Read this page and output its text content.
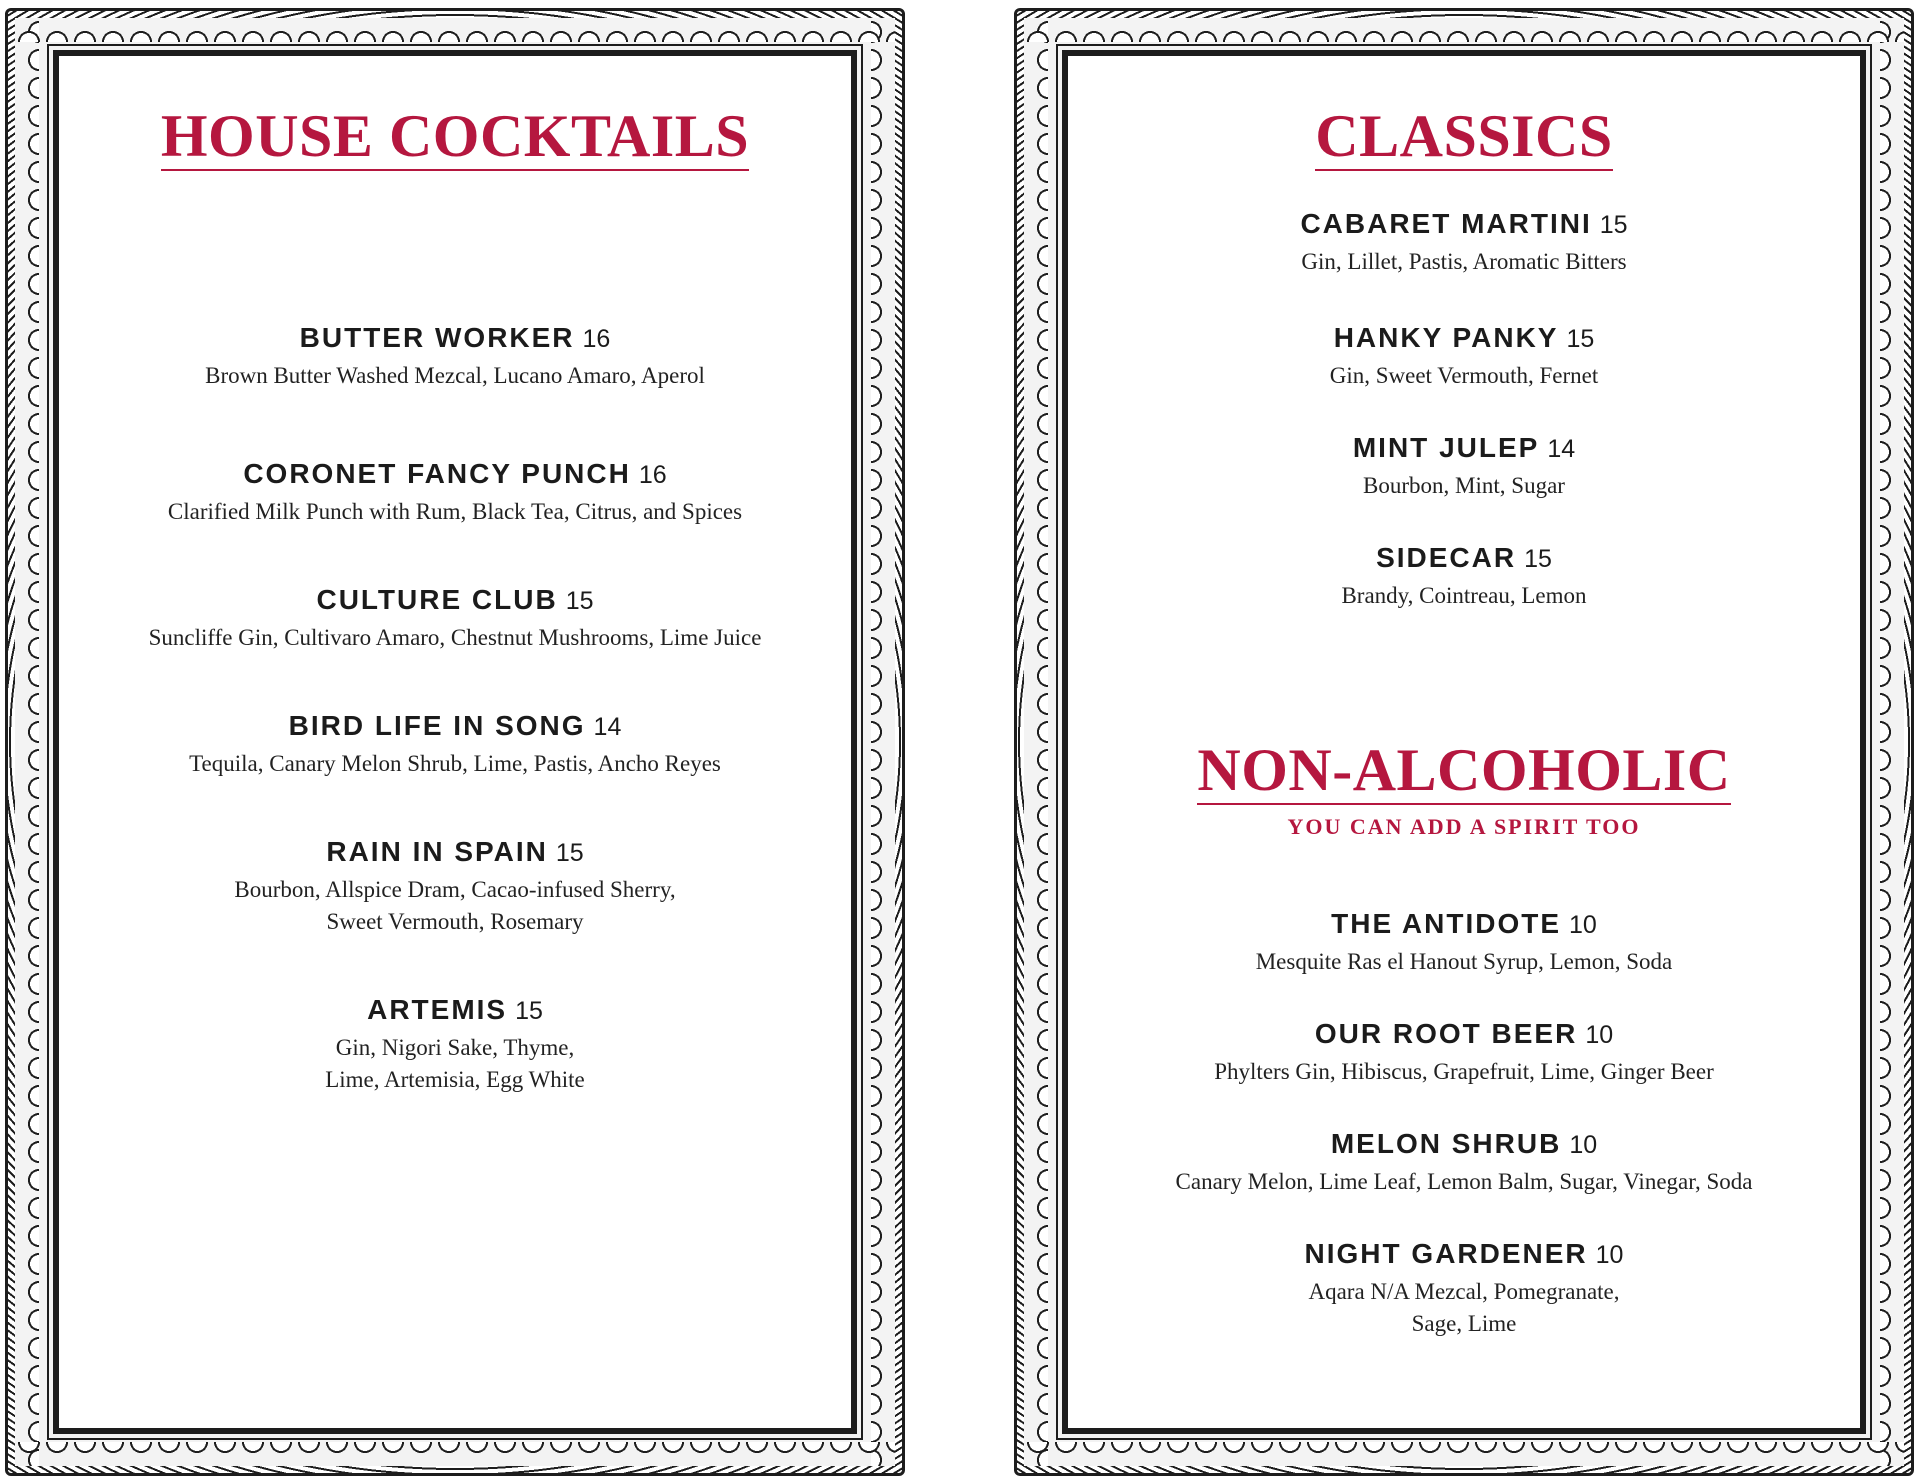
HOUSE COCKTAILS
BUTTER WORKER 16
Brown Butter Washed Mezcal, Lucano Amaro, Aperol
CORONET FANCY PUNCH 16
Clarified Milk Punch with Rum, Black Tea, Citrus, and Spices
CULTURE CLUB 15
Suncliffe Gin, Cultivaro Amaro, Chestnut Mushrooms, Lime Juice
BIRD LIFE IN SONG 14
Tequila, Canary Melon Shrub, Lime, Pastis, Ancho Reyes
RAIN IN SPAIN 15
Bourbon, Allspice Dram, Cacao-infused Sherry,
Sweet Vermouth, Rosemary
ARTEMIS 15
Gin, Nigori Sake, Thyme,
Lime, Artemisia, Egg White
CLASSICS
CABARET MARTINI 15
Gin, Lillet, Pastis, Aromatic Bitters
HANKY PANKY 15
Gin, Sweet Vermouth, Fernet
MINT JULEP 14
Bourbon, Mint, Sugar
SIDECAR 15
Brandy, Cointreau, Lemon
NON-ALCOHOLIC
YOU CAN ADD A SPIRIT TOO
THE ANTIDOTE 10
Mesquite Ras el Hanout Syrup, Lemon, Soda
OUR ROOT BEER 10
Phylters Gin, Hibiscus, Grapefruit, Lime, Ginger Beer
MELON SHRUB 10
Canary Melon, Lime Leaf, Lemon Balm, Sugar, Vinegar, Soda
NIGHT GARDENER 10
Aqara N/A Mezcal, Pomegranate,
Sage, Lime
